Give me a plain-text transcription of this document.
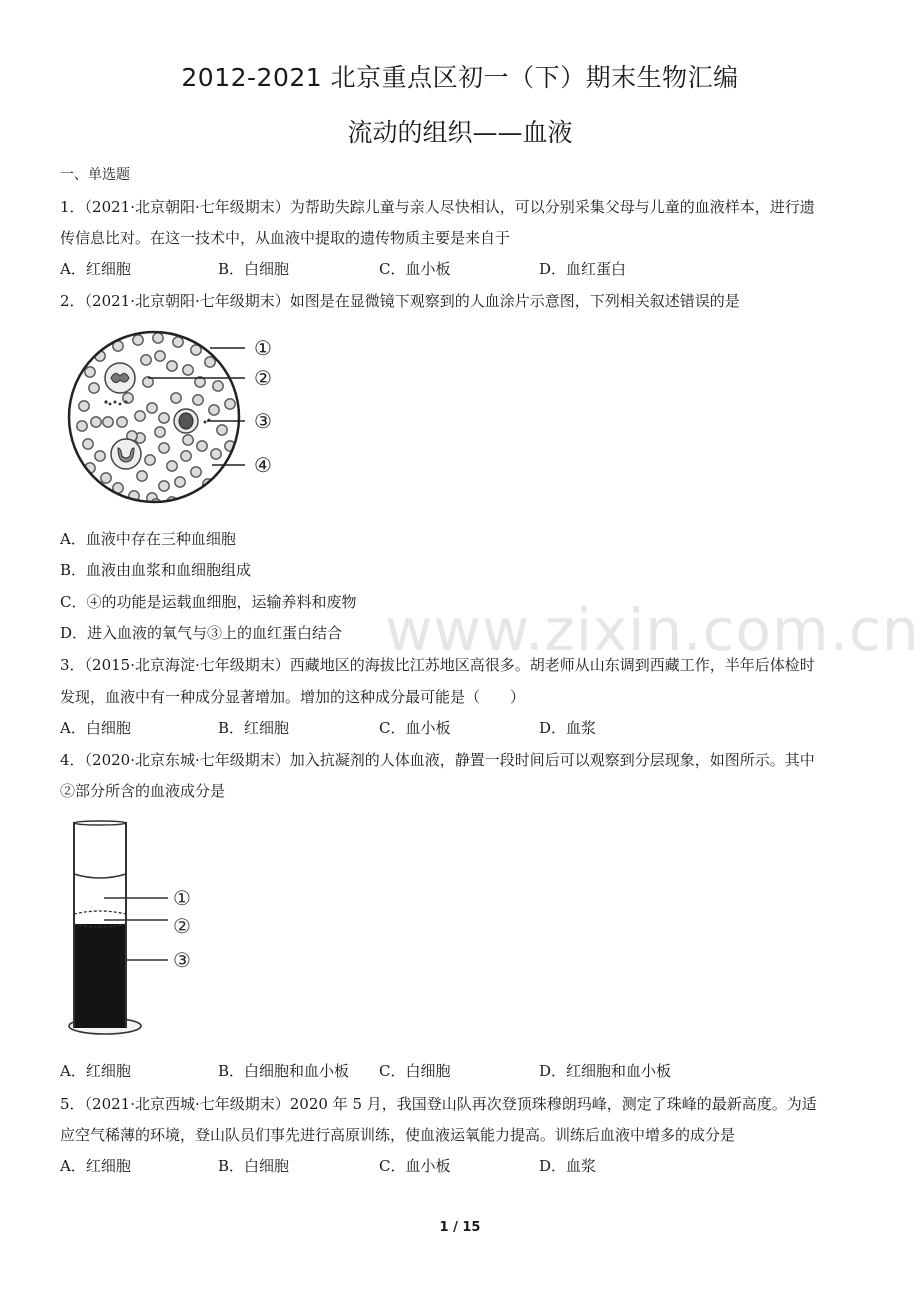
2012-2021 北京重点区初一（下）期末生物汇编
流动的组织——血液
一、单选题
www.zixin.com.cn
1．（2021·北京朝阳·七年级期末）为帮助失踪儿童与亲人尽快相认，可以分别采集父母与儿童的血液样本，进行遗
传信息比对。在这一技术中，从血液中提取的遗传物质主要是来自于
A．红细胞	B．白细胞	C．血小板	D．血红蛋白
2．（2021·北京朝阳·七年级期末）如图是在显微镜下观察到的人血涂片示意图，下列相关叙述错误的是
①
②
③
④
A．血液中存在三种血细胞
B．血液由血浆和血细胞组成
C．④的功能是运载血细胞，运输养料和废物
D．进入血液的氧气与③上的血红蛋白结合
3．（2015·北京海淀·七年级期末）西藏地区的海拔比江苏地区高很多。胡老师从山东调到西藏工作，半年后体检时
发现，血液中有一种成分显著增加。增加的这种成分最可能是（　　）
A．白细胞	B．红细胞	C．血小板	D．血浆
4．（2020·北京东城·七年级期末）加入抗凝剂的人体血液，静置一段时间后可以观察到分层现象，如图所示。其中
②部分所含的血液成分是
①
②
③
A．红细胞	B．白细胞和血小板 C．白细胞	D．红细胞和血小板
5．（2021·北京西城·七年级期末）2020 年 5 月，我国登山队再次登顶珠穆朗玛峰，测定了珠峰的最新高度。为适
应空气稀薄的环境，登山队员们事先进行高原训练，使血液运氧能力提高。训练后血液中增多的成分是
A．红细胞	B．白细胞	C．血小板	D．血浆
1 / 15
